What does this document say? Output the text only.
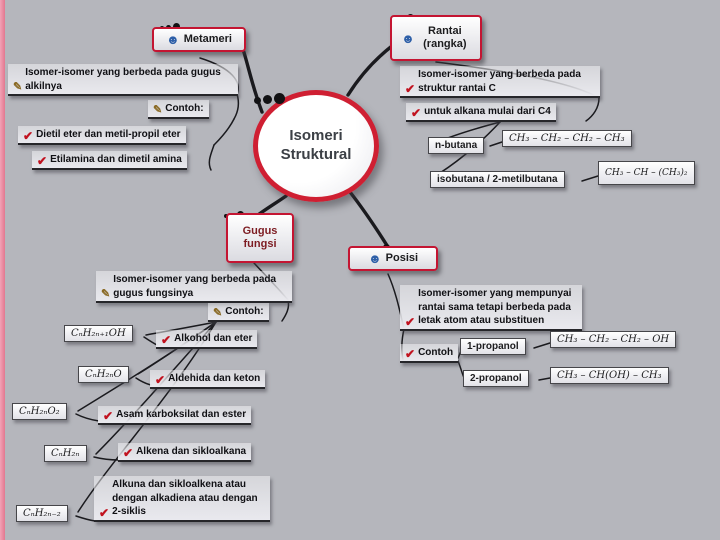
Isomeri Struktural
☻ Metameri
✎
Isomer-isomer yang berbeda pada gugus alkilnya
✎ Contoh:
✔ Dietil eter dan metil-propil eter
✔ Etilamina dan dimetil amina
☻	Rantai (rangka)
✔
Isomer-isomer yang berbeda pada struktur rantai C
✔ untuk alkana mulai dari C4
n-butana
CH₃ – CH₂ – CH₂ – CH₃
isobutana / 2-metilbutana
CH₃ – CH – (CH₃)₂
Gugus fungsi
✎
Isomer-isomer yang berbeda pada gugus fungsinya
✎ Contoh:
CₙH₂ₙ₊₁OH	✔ Alkohol dan eter
CₙH₂ₙO	✔ Aldehida dan keton
CₙH₂ₙO₂	✔ Asam karboksilat dan ester
CₙH₂ₙ	✔ Alkena dan sikloalkana
CₙH₂ₙ₋₂	✔
Alkuna dan sikloalkena atau dengan alkadiena atau dengan 2-siklis
☻ Posisi
✔
Isomer-isomer yang mempunyai rantai sama tetapi berbeda pada letak atom atau substituen
✔ Contoh
1-propanol
CH₃ – CH₂ – CH₂ – OH
2-propanol	CH₃ – CH(OH) – CH₃
